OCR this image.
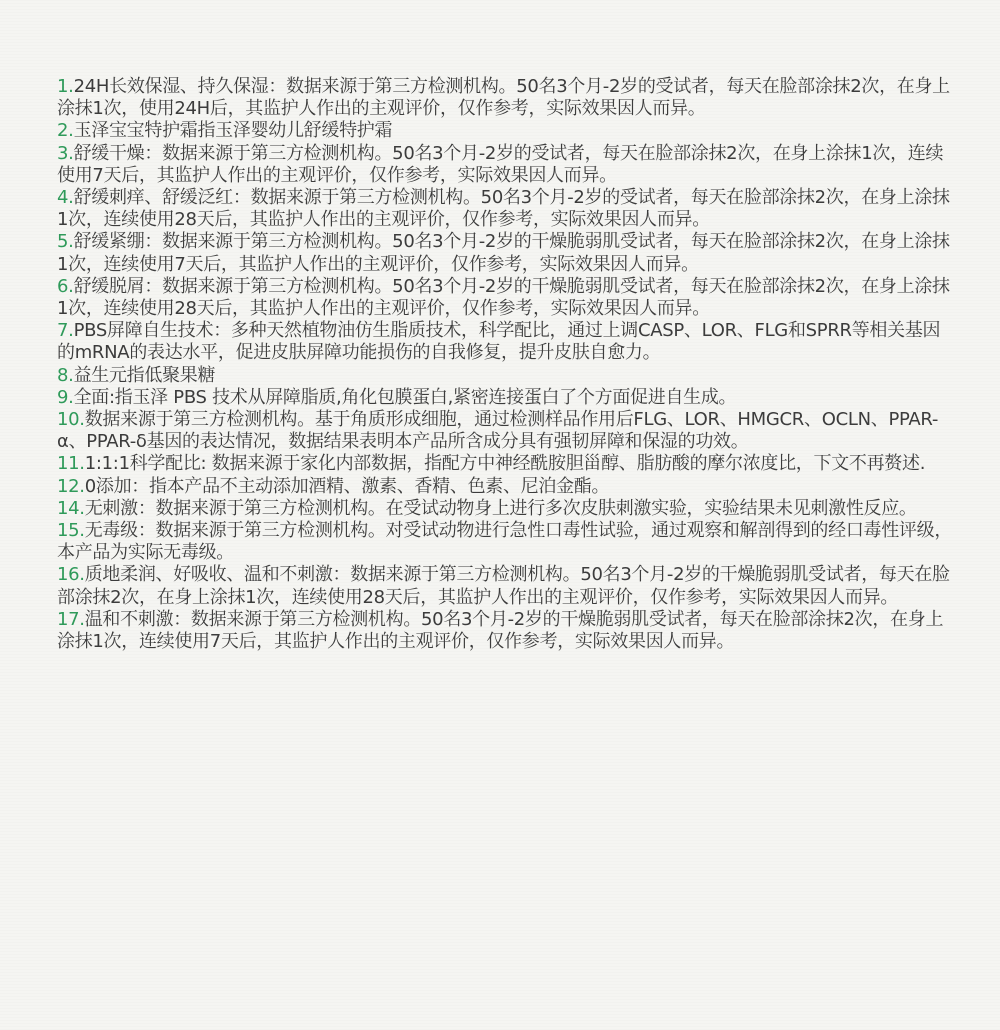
1.24H长效保湿、持久保湿：数据来源于第三方检测机构。50名3个月-2岁的受试者，每天在脸部涂抹2次，在身上涂抹1次，使用24H后，其监护人作出的主观评价，仅作参考，实际效果因人而异。
2.玉泽宝宝特护霜指玉泽婴幼儿舒缓特护霜
3.舒缓干燥：数据来源于第三方检测机构。50名3个月-2岁的受试者，每天在脸部涂抹2次，在身上涂抹1次，连续使用7天后，其监护人作出的主观评价，仅作参考，实际效果因人而异。
4.舒缓刺痒、舒缓泛红：数据来源于第三方检测机构。50名3个月-2岁的受试者，每天在脸部涂抹2次，在身上涂抹1次，连续使用28天后，其监护人作出的主观评价，仅作参考，实际效果因人而异。
5.舒缓紧绷：数据来源于第三方检测机构。50名3个月-2岁的干燥脆弱肌受试者，每天在脸部涂抹2次，在身上涂抹1次，连续使用7天后，其监护人作出的主观评价，仅作参考，实际效果因人而异。
6.舒缓脱屑：数据来源于第三方检测机构。50名3个月-2岁的干燥脆弱肌受试者，每天在脸部涂抹2次，在身上涂抹1次，连续使用28天后，其监护人作出的主观评价，仅作参考，实际效果因人而异。
7.PBS屏障自生技术：多种天然植物油仿生脂质技术，科学配比，通过上调CASP、LOR、FLG和SPRR等相关基因的mRNA的表达水平，促进皮肤屏障功能损伤的自我修复，提升皮肤自愈力。
8.益生元指低聚果糖
9.全面:指玉泽 PBS 技术从屏障脂质,角化包膜蛋白,紧密连接蛋白了个方面促进自生成。
10.数据来源于第三方检测机构。基于角质形成细胞，通过检测样品作用后FLG、LOR、HMGCR、OCLN、PPAR-α、PPAR-δ基因的表达情况，数据结果表明本产品所含成分具有强韧屏障和保湿的功效。
11.1:1:1科学配比: 数据来源于家化内部数据，指配方中神经酰胺胆甾醇、脂肪酸的摩尔浓度比，下文不再赘述.
12.0添加：指本产品不主动添加酒精、激素、香精、色素、尼泊金酯。
14.无刺激：数据来源于第三方检测机构。在受试动物身上进行多次皮肤刺激实验，实验结果未见刺激性反应。
15.无毒级：数据来源于第三方检测机构。对受试动物进行急性口毒性试验，通过观察和解剖得到的经口毒性评级，本产品为实际无毒级。
16.质地柔润、好吸收、温和不刺激：数据来源于第三方检测机构。50名3个月-2岁的干燥脆弱肌受试者，每天在脸部涂抹2次，在身上涂抹1次，连续使用28天后，其监护人作出的主观评价，仅作参考，实际效果因人而异。
17.温和不刺激：数据来源于第三方检测机构。50名3个月-2岁的干燥脆弱肌受试者，每天在脸部涂抹2次，在身上涂抹1次，连续使用7天后，其监护人作出的主观评价，仅作参考，实际效果因人而异。
